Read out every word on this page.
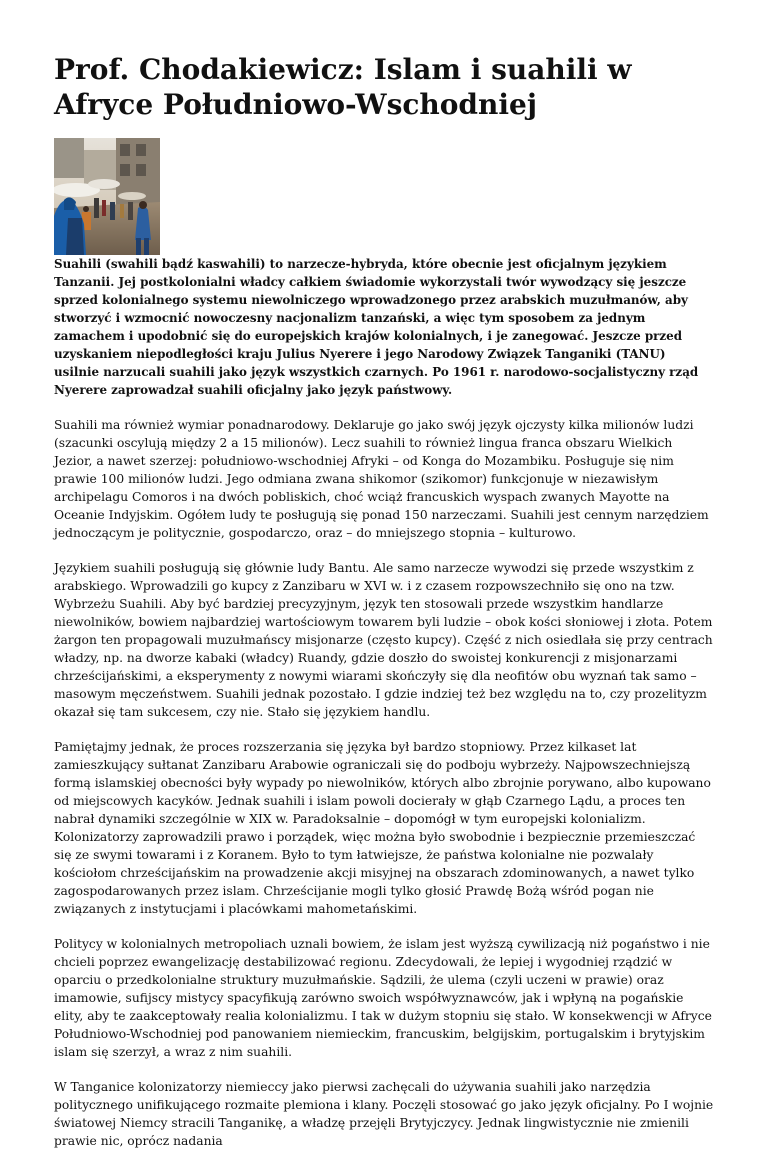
Prof. Chodakiewicz: Islam i suahili w Afryce Południowo-Wschodniej

Suahili (swahili bądź kaswahili) to narzecze-hybryda, które obecnie jest oficjalnym językiem Tanzanii. Jej postkolonialni władcy całkiem świadomie wykorzystali twór wywodzący się jeszcze sprzed kolonialnego systemu niewolniczego wprowadzonego przez arabskich muzułmanów, aby stworzyć i wzmocnić nowoczesny nacjonalizm tanzański, a więc tym sposobem za jednym zamachem i upodobnić się do europejskich krajów kolonialnych, i je zanegować. Jeszcze przed uzyskaniem niepodległości kraju Julius Nyerere i jego Narodowy Związek Tanganiki (TANU) usilnie narzucali suahili jako język wszystkich czarnych. Po 1961 r. narodowo-socjalistyczny rząd Nyerere zaprowadzał suahili oficjalny jako język państwowy.

Suahili ma również wymiar ponadnarodowy. Deklaruje go jako swój język ojczysty kilka milionów ludzi (szacunki oscylują między 2 a 15 milionów). Lecz suahili to również lingua franca obszaru Wielkich Jezior, a nawet szerzej: południowo-wschodniej Afryki – od Konga do Mozambiku. Posługuje się nim prawie 100 milionów ludzi. Jego odmiana zwana shikomor (szikomor) funkcjonuje w niezawisłym archipelagu Comoros i na dwóch pobliskich, choć wciąż francuskich wyspach zwanych Mayotte na Oceanie Indyjskim. Ogółem ludy te posługują się ponad 150 narzeczami. Suahili jest cennym narzędziem jednoczącym je politycznie, gospodarczo, oraz – do mniejszego stopnia – kulturowo.

Językiem suahili posługują się głównie ludy Bantu. Ale samo narzecze wywodzi się przede wszystkim z arabskiego. Wprowadzili go kupcy z Zanzibaru w XVI w. i z czasem rozpowszechniło się ono na tzw. Wybrzeżu Suahili. Aby być bardziej precyzyjnym, język ten stosowali przede wszystkim handlarze niewolników, bowiem najbardziej wartościowym towarem byli ludzie – obok kości słoniowej i złota. Potem żargon ten propagowali muzułmańscy misjonarze (często kupcy). Część z nich osiedlała się przy centrach władzy, np. na dworze kabaki (władcy) Ruandy, gdzie doszło do swoistej konkurencji z misjonarzami chrześcijańskimi, a eksperymenty z nowymi wiarami skończyły się dla neofitów obu wyznań tak samo – masowym męczeństwem. Suahili jednak pozostało. I gdzie indziej też bez względu na to, czy prozelityzm okazał się tam sukcesem, czy nie. Stało się językiem handlu.

Pamiętajmy jednak, że proces rozszerzania się języka był bardzo stopniowy. Przez kilkaset lat zamieszkujący sułtanat Zanzibaru Arabowie ograniczali się do podboju wybrzeży. Najpowszechniejszą formą islamskiej obecności były wypady po niewolników, których albo zbrojnie porywano, albo kupowano od miejscowych kacyków. Jednak suahili i islam powoli docierały w głąb Czarnego Lądu, a proces ten nabrał dynamiki szczególnie w XIX w. Paradoksalnie – dopomógł w tym europejski kolonializm. Kolonizatorzy zaprowadzili prawo i porządek, więc można było swobodnie i bezpiecznie przemieszczać się ze swymi towarami i z Koranem. Było to tym łatwiejsze, że państwa kolonialne nie pozwalały kościołom chrześcijańskim na prowadzenie akcji misyjnej na obszarach zdominowanych, a nawet tylko zagospodarowanych przez islam. Chrześcijanie mogli tylko głosić Prawdę Bożą wśród pogan nie związanych z instytucjami i placówkami mahometańskimi.

Politycy w kolonialnych metropoliach uznali bowiem, że islam jest wyższą cywilizacją niż pogaństwo i nie chcieli poprzez ewangelizację destabilizować regionu. Zdecydowali, że lepiej i wygodniej rządzić w oparciu o przedkolonialne struktury muzułmańskie. Sądzili, że ulema (czyli uczeni w prawie) oraz imamowie, sufijscy mistycy spacyfikują zarówno swoich współwyznawców, jak i wpłyną na pogańskie elity, aby te zaakceptowały realia kolonializmu. I tak w dużym stopniu się stało. W konsekwencji w Afryce Południowo-Wschodniej pod panowaniem niemieckim, francuskim, belgijskim, portugalskim i brytyjskim islam się szerzył, a wraz z nim suahili.

W Tanganice kolonizatorzy niemieccy jako pierwsi zachęcali do używania suahili jako narzędzia politycznego unifikującego rozmaite plemiona i klany. Poczęli stosować go jako język oficjalny. Po I wojnie światowej Niemcy stracili Tanganikę, a władzę przejęli Brytyjczycy. Jednak lingwistycznie nie zmienili prawie nic, oprócz nadania
